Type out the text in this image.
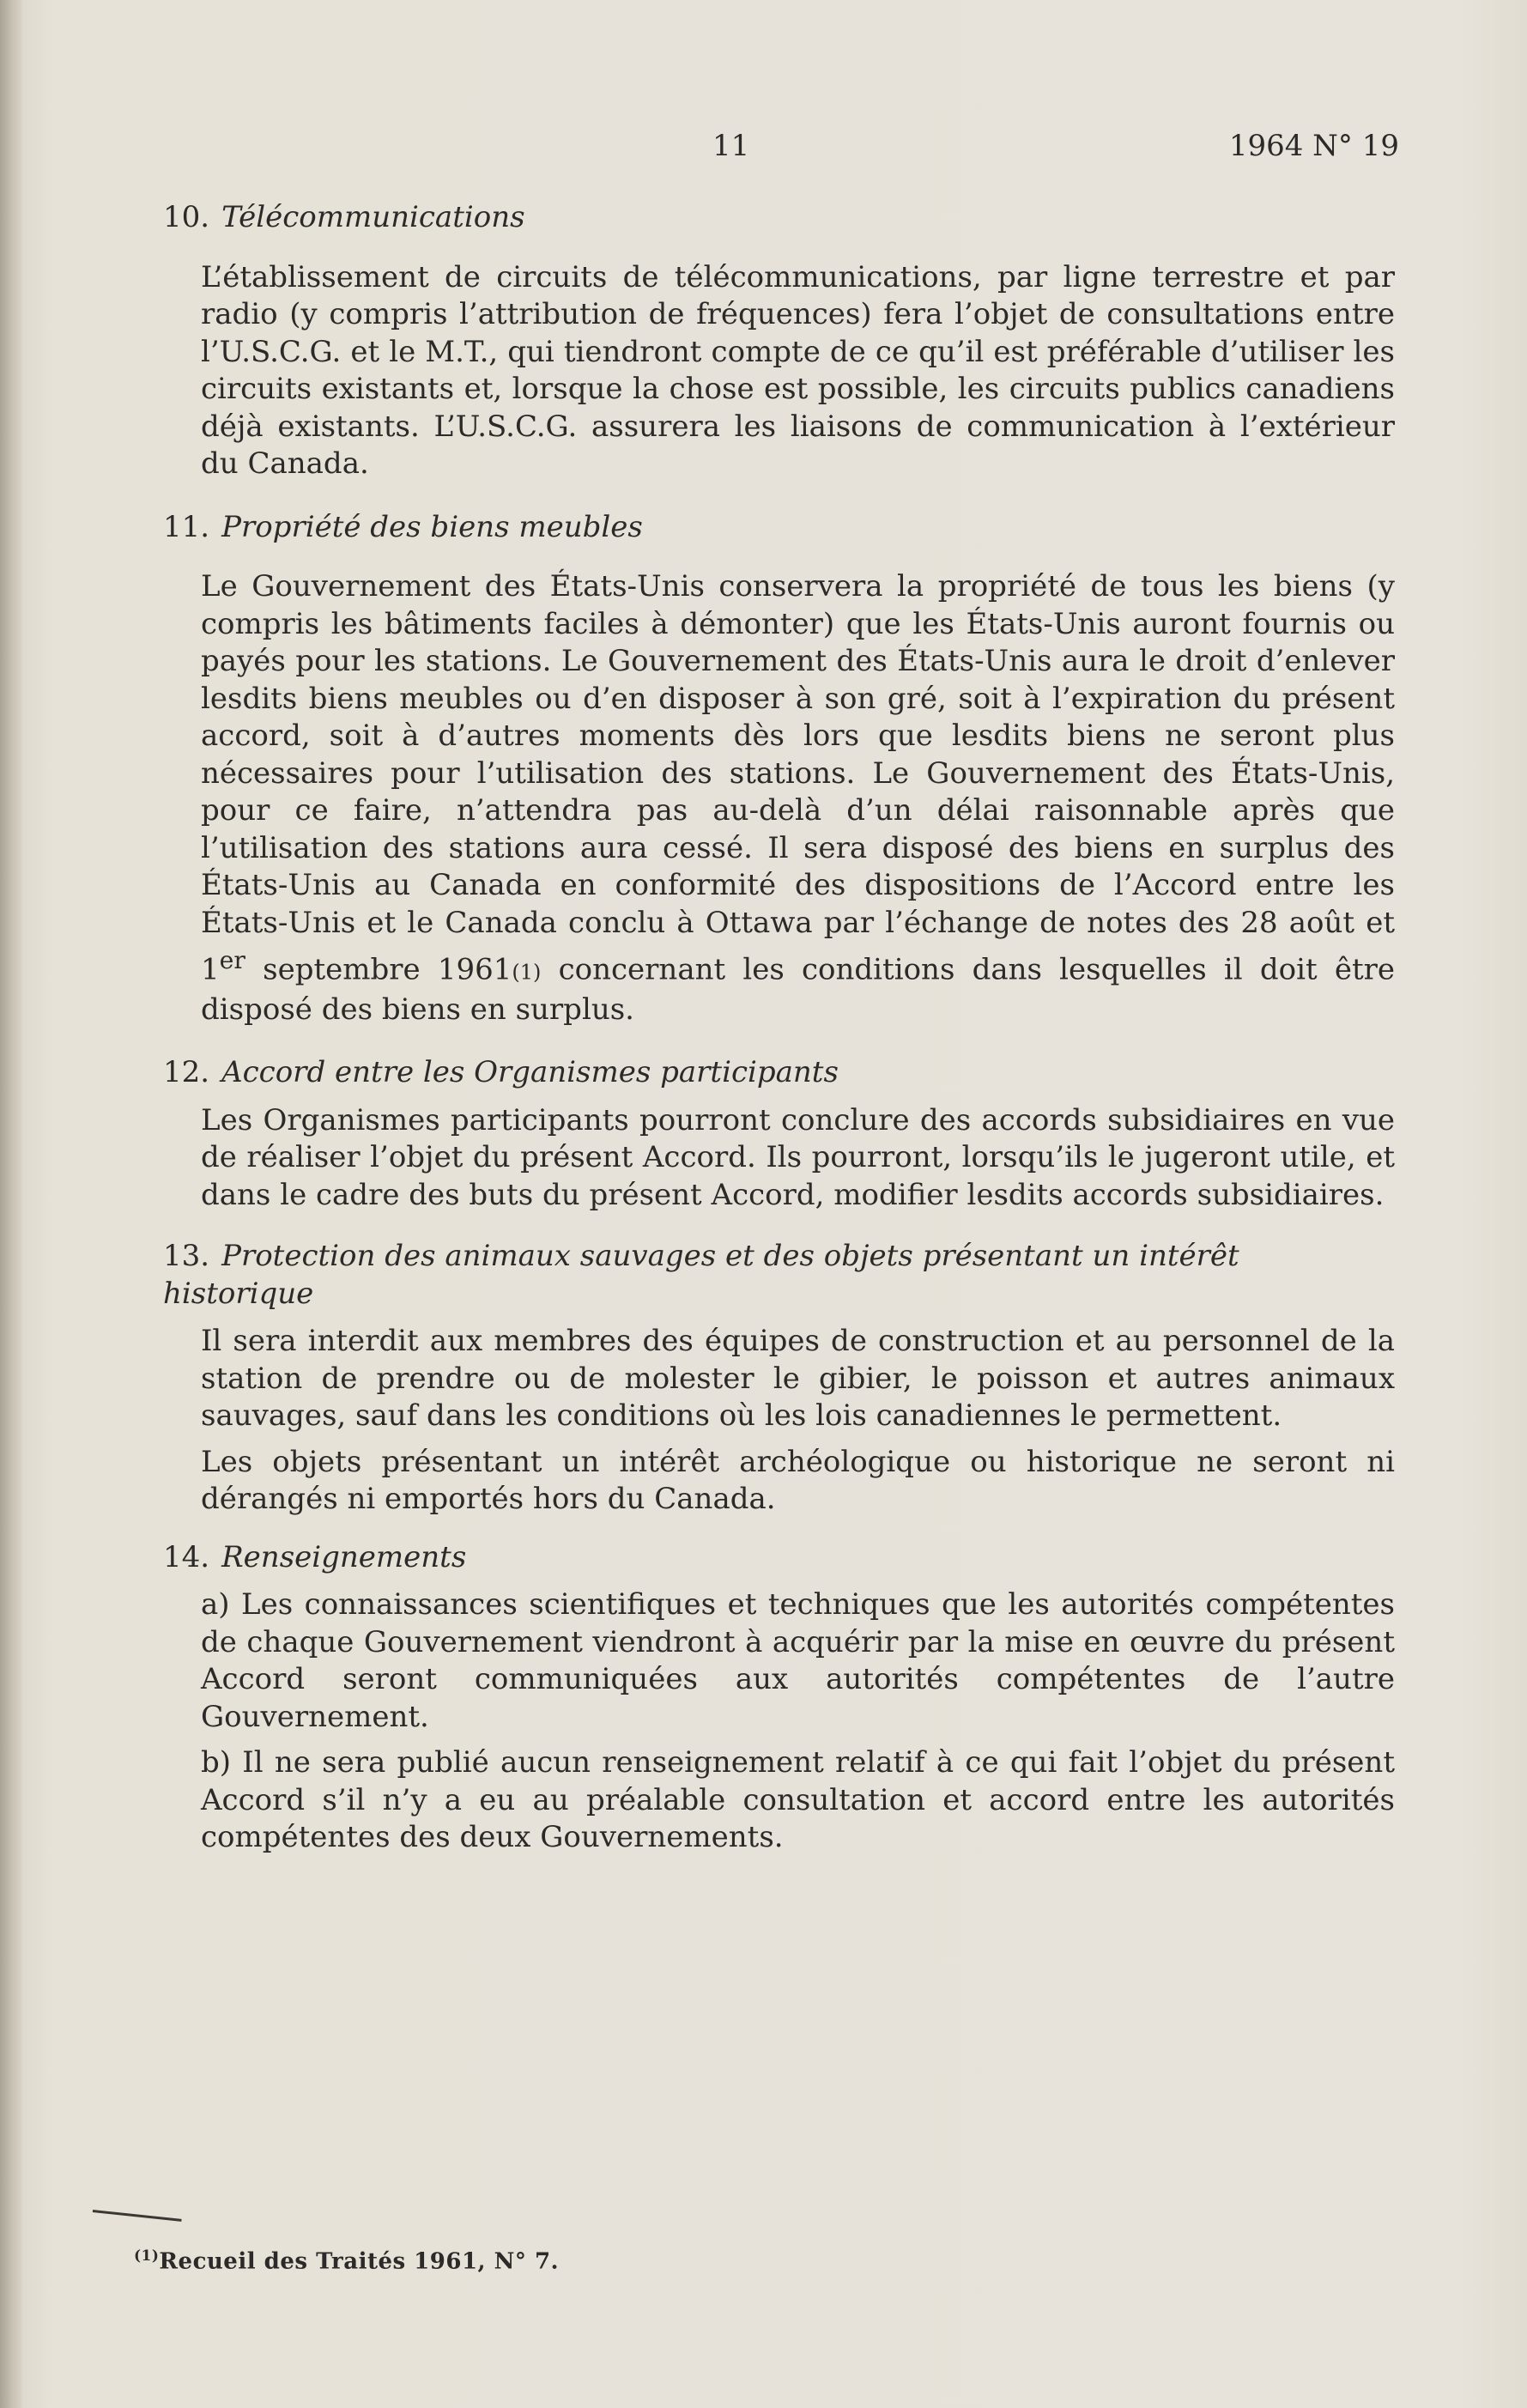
11	1964 N° 19
10. Télécommunications
L’établissement de circuits de télécommunications, par ligne terrestre et par radio (y compris l’attribution de fréquences) fera l’objet de consultations entre l’U.S.C.G. et le M.T., qui tiendront compte de ce qu’il est préférable d’utiliser les circuits existants et, lorsque la chose est possible, les circuits publics canadiens déjà existants. L’U.S.C.G. assurera les liaisons de communication à l’extérieur du Canada.
11. Propriété des biens meubles
Le Gouvernement des États-Unis conservera la propriété de tous les biens (y compris les bâtiments faciles à démonter) que les États-Unis auront fournis ou payés pour les stations. Le Gouvernement des États-Unis aura le droit d’enlever lesdits biens meubles ou d’en disposer à son gré, soit à l’expiration du présent accord, soit à d’autres moments dès lors que lesdits biens ne seront plus nécessaires pour l’utilisation des stations. Le Gouvernement des États-Unis, pour ce faire, n’attendra pas au-delà d’un délai raisonnable après que l’utilisation des stations aura cessé. Il sera disposé des biens en surplus des États-Unis au Canada en conformité des dispositions de l’Accord entre les États-Unis et le Canada conclu à Ottawa par l’échange de notes des 28 août et 1er septembre 1961(1) concernant les conditions dans lesquelles il doit être disposé des biens en surplus.
12. Accord entre les Organismes participants
Les Organismes participants pourront conclure des accords subsidiaires en vue de réaliser l’objet du présent Accord. Ils pourront, lorsqu’ils le jugeront utile, et dans le cadre des buts du présent Accord, modifier lesdits accords subsidiaires.
13. Protection des animaux sauvages et des objets présentant un intérêt historique
Il sera interdit aux membres des équipes de construction et au personnel de la station de prendre ou de molester le gibier, le poisson et autres animaux sauvages, sauf dans les conditions où les lois canadiennes le permettent.
Les objets présentant un intérêt archéologique ou historique ne seront ni dérangés ni emportés hors du Canada.
14. Renseignements
a) Les connaissances scientifiques et techniques que les autorités compétentes de chaque Gouvernement viendront à acquérir par la mise en œuvre du présent Accord seront communiquées aux autorités compétentes de l’autre Gouvernement.
b) Il ne sera publié aucun renseignement relatif à ce qui fait l’objet du présent Accord s’il n’y a eu au préalable consultation et accord entre les autorités compétentes des deux Gouvernements.
$^{(1)}$Recueil des Traités 1961, N° 7.
